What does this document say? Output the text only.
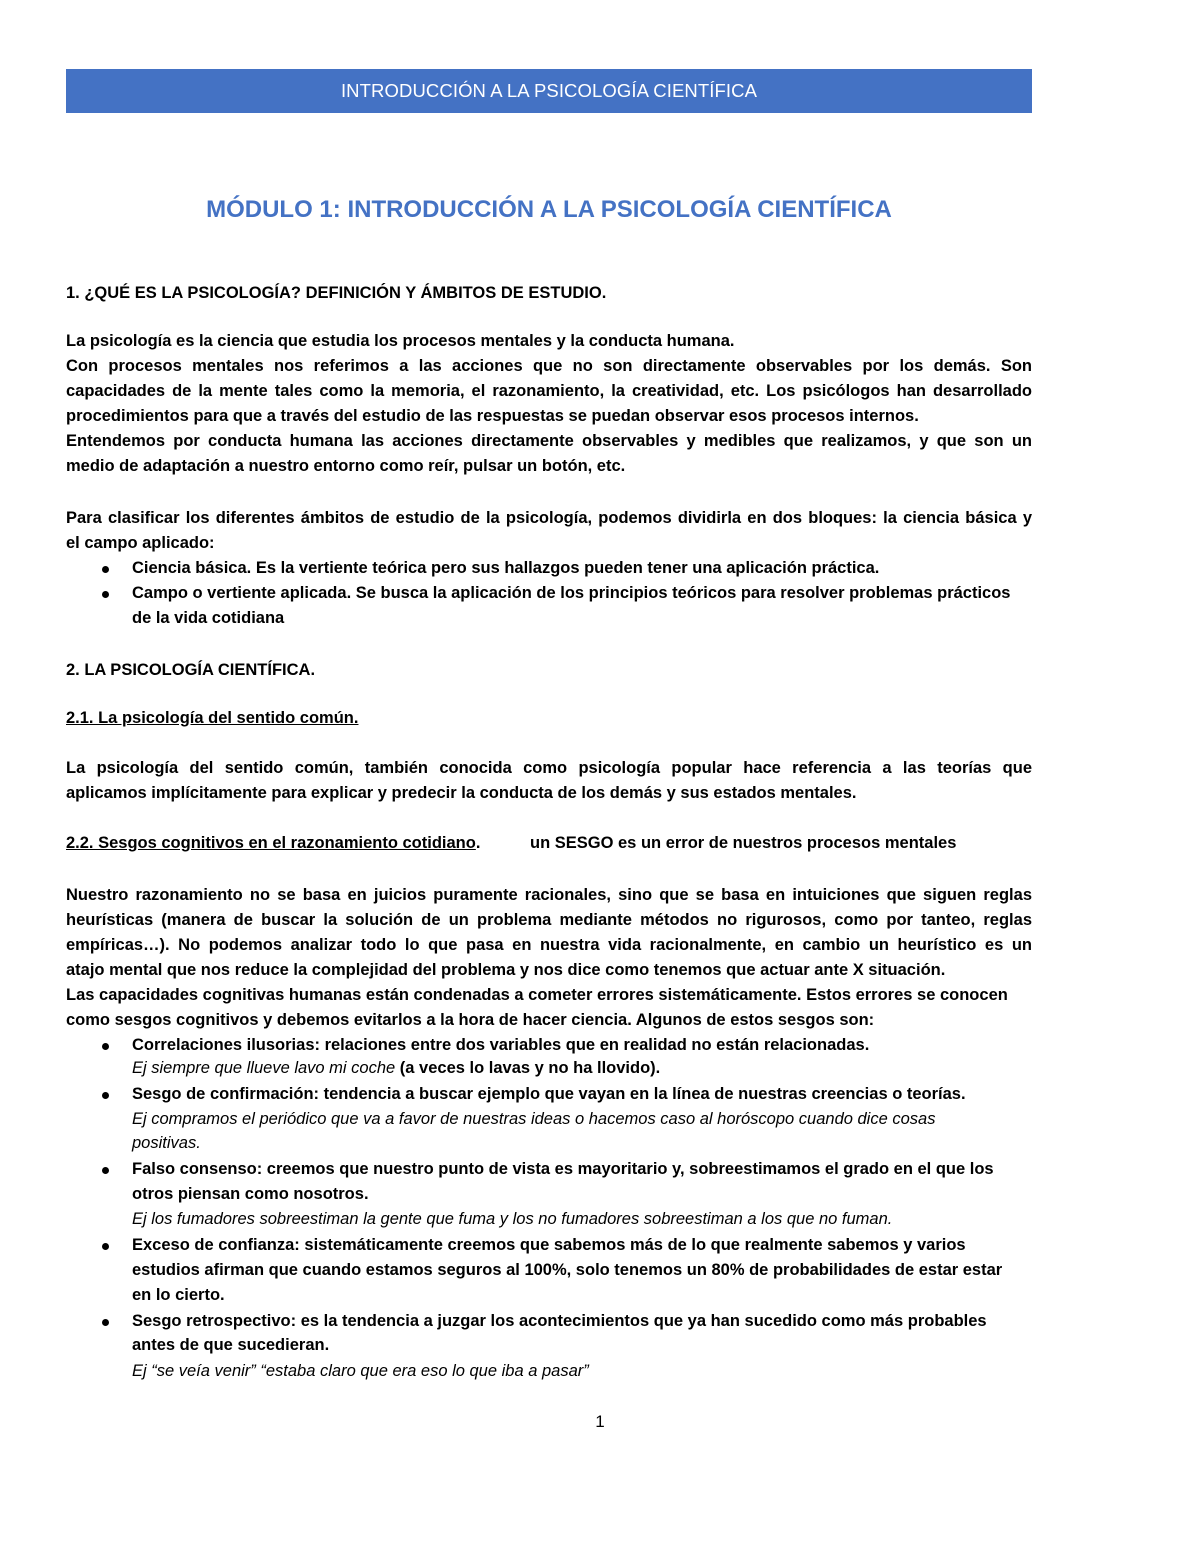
INTRODUCCIÓN A LA PSICOLOGÍA CIENTÍFICA
MÓDULO 1: INTRODUCCIÓN A LA PSICOLOGÍA CIENTÍFICA
1. ¿QUÉ ES LA PSICOLOGÍA? DEFINICIÓN Y ÁMBITOS DE ESTUDIO.
La psicología es la ciencia que estudia los procesos mentales y la conducta humana.
Con procesos mentales nos referimos a las acciones que no son directamente observables por los demás. Son
capacidades de la mente tales como la memoria, el razonamiento, la creatividad, etc. Los psicólogos han desarrollado
procedimientos para que a través del estudio de las respuestas se puedan observar esos procesos internos.
Entendemos por conducta humana las acciones directamente observables y medibles que realizamos, y que son un
medio de adaptación a nuestro entorno como reír, pulsar un botón, etc.
Para clasificar los diferentes ámbitos de estudio de la psicología, podemos dividirla en dos bloques: la ciencia básica y
el campo aplicado:
Ciencia básica. Es la vertiente teórica pero sus hallazgos pueden tener una aplicación práctica.
Campo o vertiente aplicada. Se busca la aplicación de los principios teóricos para resolver problemas prácticos
de la vida cotidiana
2. LA PSICOLOGÍA CIENTÍFICA.
2.1. La psicología del sentido común.
La psicología del sentido común, también conocida como psicología popular hace referencia a las teorías que
aplicamos implícitamente para explicar y predecir la conducta de los demás y sus estados mentales.
2.2. Sesgos cognitivos en el razonamiento cotidiano.	un SESGO es un error de nuestros procesos mentales
Nuestro razonamiento no se basa en juicios puramente racionales, sino que se basa en intuiciones que siguen reglas
heurísticas (manera de buscar la solución de un problema mediante métodos no rigurosos, como por tanteo, reglas
empíricas…). No podemos analizar todo lo que pasa en nuestra vida racionalmente, en cambio un heurístico es un
atajo mental que nos reduce la complejidad del problema y nos dice como tenemos que actuar ante X situación.
Las capacidades cognitivas humanas están condenadas a cometer errores sistemáticamente. Estos errores se conocen
como sesgos cognitivos y debemos evitarlos a la hora de hacer ciencia. Algunos de estos sesgos son:
Correlaciones ilusorias: relaciones entre dos variables que en realidad no están relacionadas.
Ej siempre que llueve lavo mi coche (a veces lo lavas y no ha llovido).
Sesgo de confirmación: tendencia a buscar ejemplo que vayan en la línea de nuestras creencias o teorías.
Ej compramos el periódico que va a favor de nuestras ideas o hacemos caso al horóscopo cuando dice cosas
positivas.
Falso consenso: creemos que nuestro punto de vista es mayoritario y, sobreestimamos el grado en el que los
otros piensan como nosotros.
Ej los fumadores sobreestiman la gente que fuma y los no fumadores sobreestiman a los que no fuman.
Exceso de confianza: sistemáticamente creemos que sabemos más de lo que realmente sabemos y varios
estudios afirman que cuando estamos seguros al 100%, solo tenemos un 80% de probabilidades de estar estar
en lo cierto.
Sesgo retrospectivo: es la tendencia a juzgar los acontecimientos que ya han sucedido como más probables
antes de que sucedieran.
Ej “se veía venir” “estaba claro que era eso lo que iba a pasar”
1
